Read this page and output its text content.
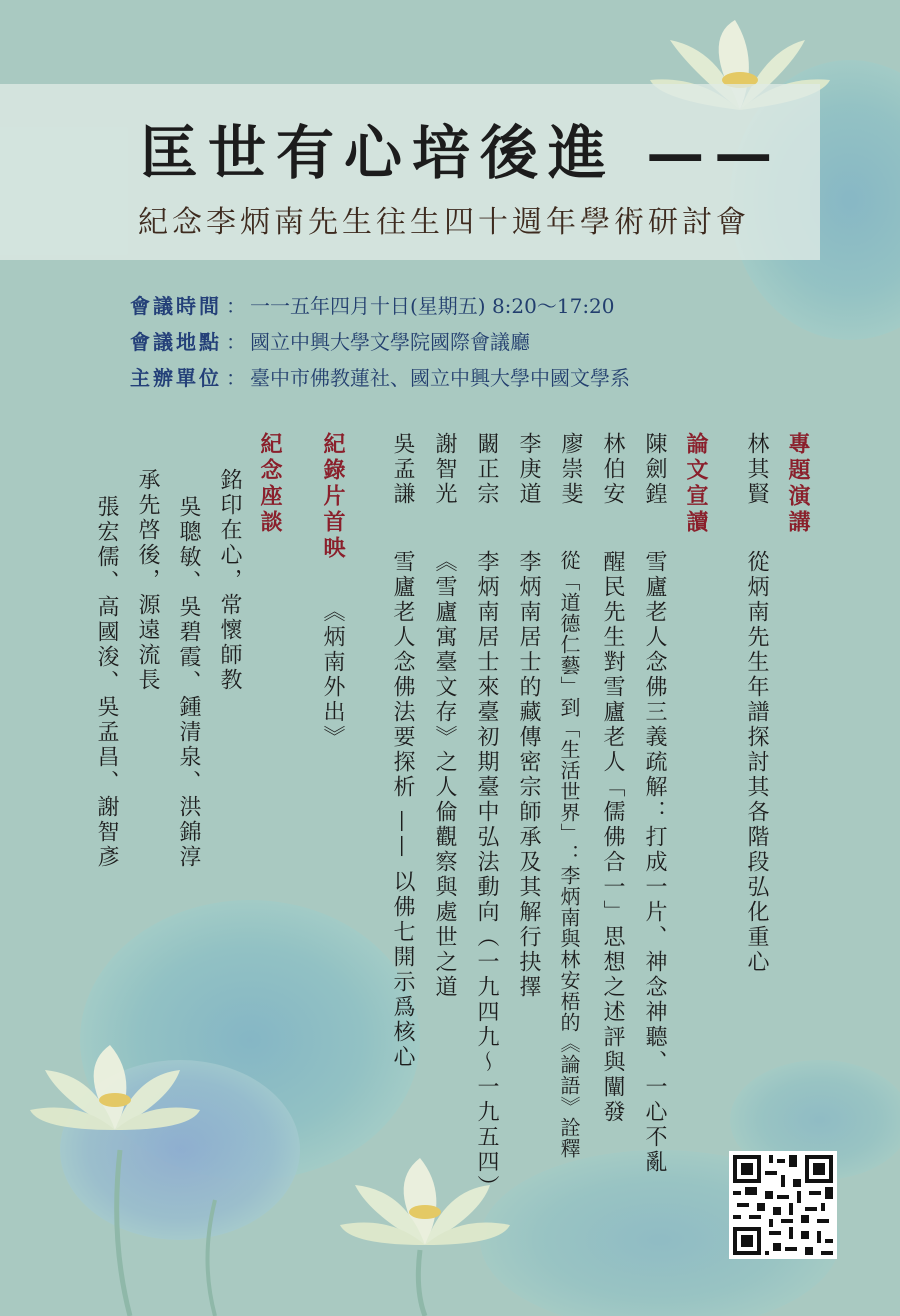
匡世有心培後進 ——
紀念李炳南先生往生四十週年學術研討會
會議時間 ： 一一五年四月十日(星期五) 8:20～17:20
會議地點 ： 國立中興大學文學院國際會議廳
主辦單位 ： 臺中市佛教蓮社、國立中興大學中國文學系
專題演講
林其賢
從炳南先生年譜探討其各階段弘化重心
論文宣讀
陳劍鍠
雪廬老人念佛三義疏解：打成一片、神念神聽、一心不亂
林伯安
醒民先生對雪廬老人「儒佛合一」思想之述評與闡發
廖崇斐
從「道德仁藝」到「生活世界」：李炳南與林安梧的《論語》詮釋
李庚道
李炳南居士的藏傳密宗師承及其解行抉擇
闞正宗
李炳南居士來臺初期臺中弘法動向（一九四九～一九五四）
謝智光
《雪廬寓臺文存》之人倫觀察與處世之道
吳孟謙
雪廬老人念佛法要探析 —— 以佛七開示爲核心
紀錄片首映
《炳南外出》
紀念座談
銘印在心，常懷師教
吳聰敏、吳碧霞、鍾清泉、洪錦淳
承先啓後，源遠流長
張宏儒、高國浚、吳孟昌、謝智彥
